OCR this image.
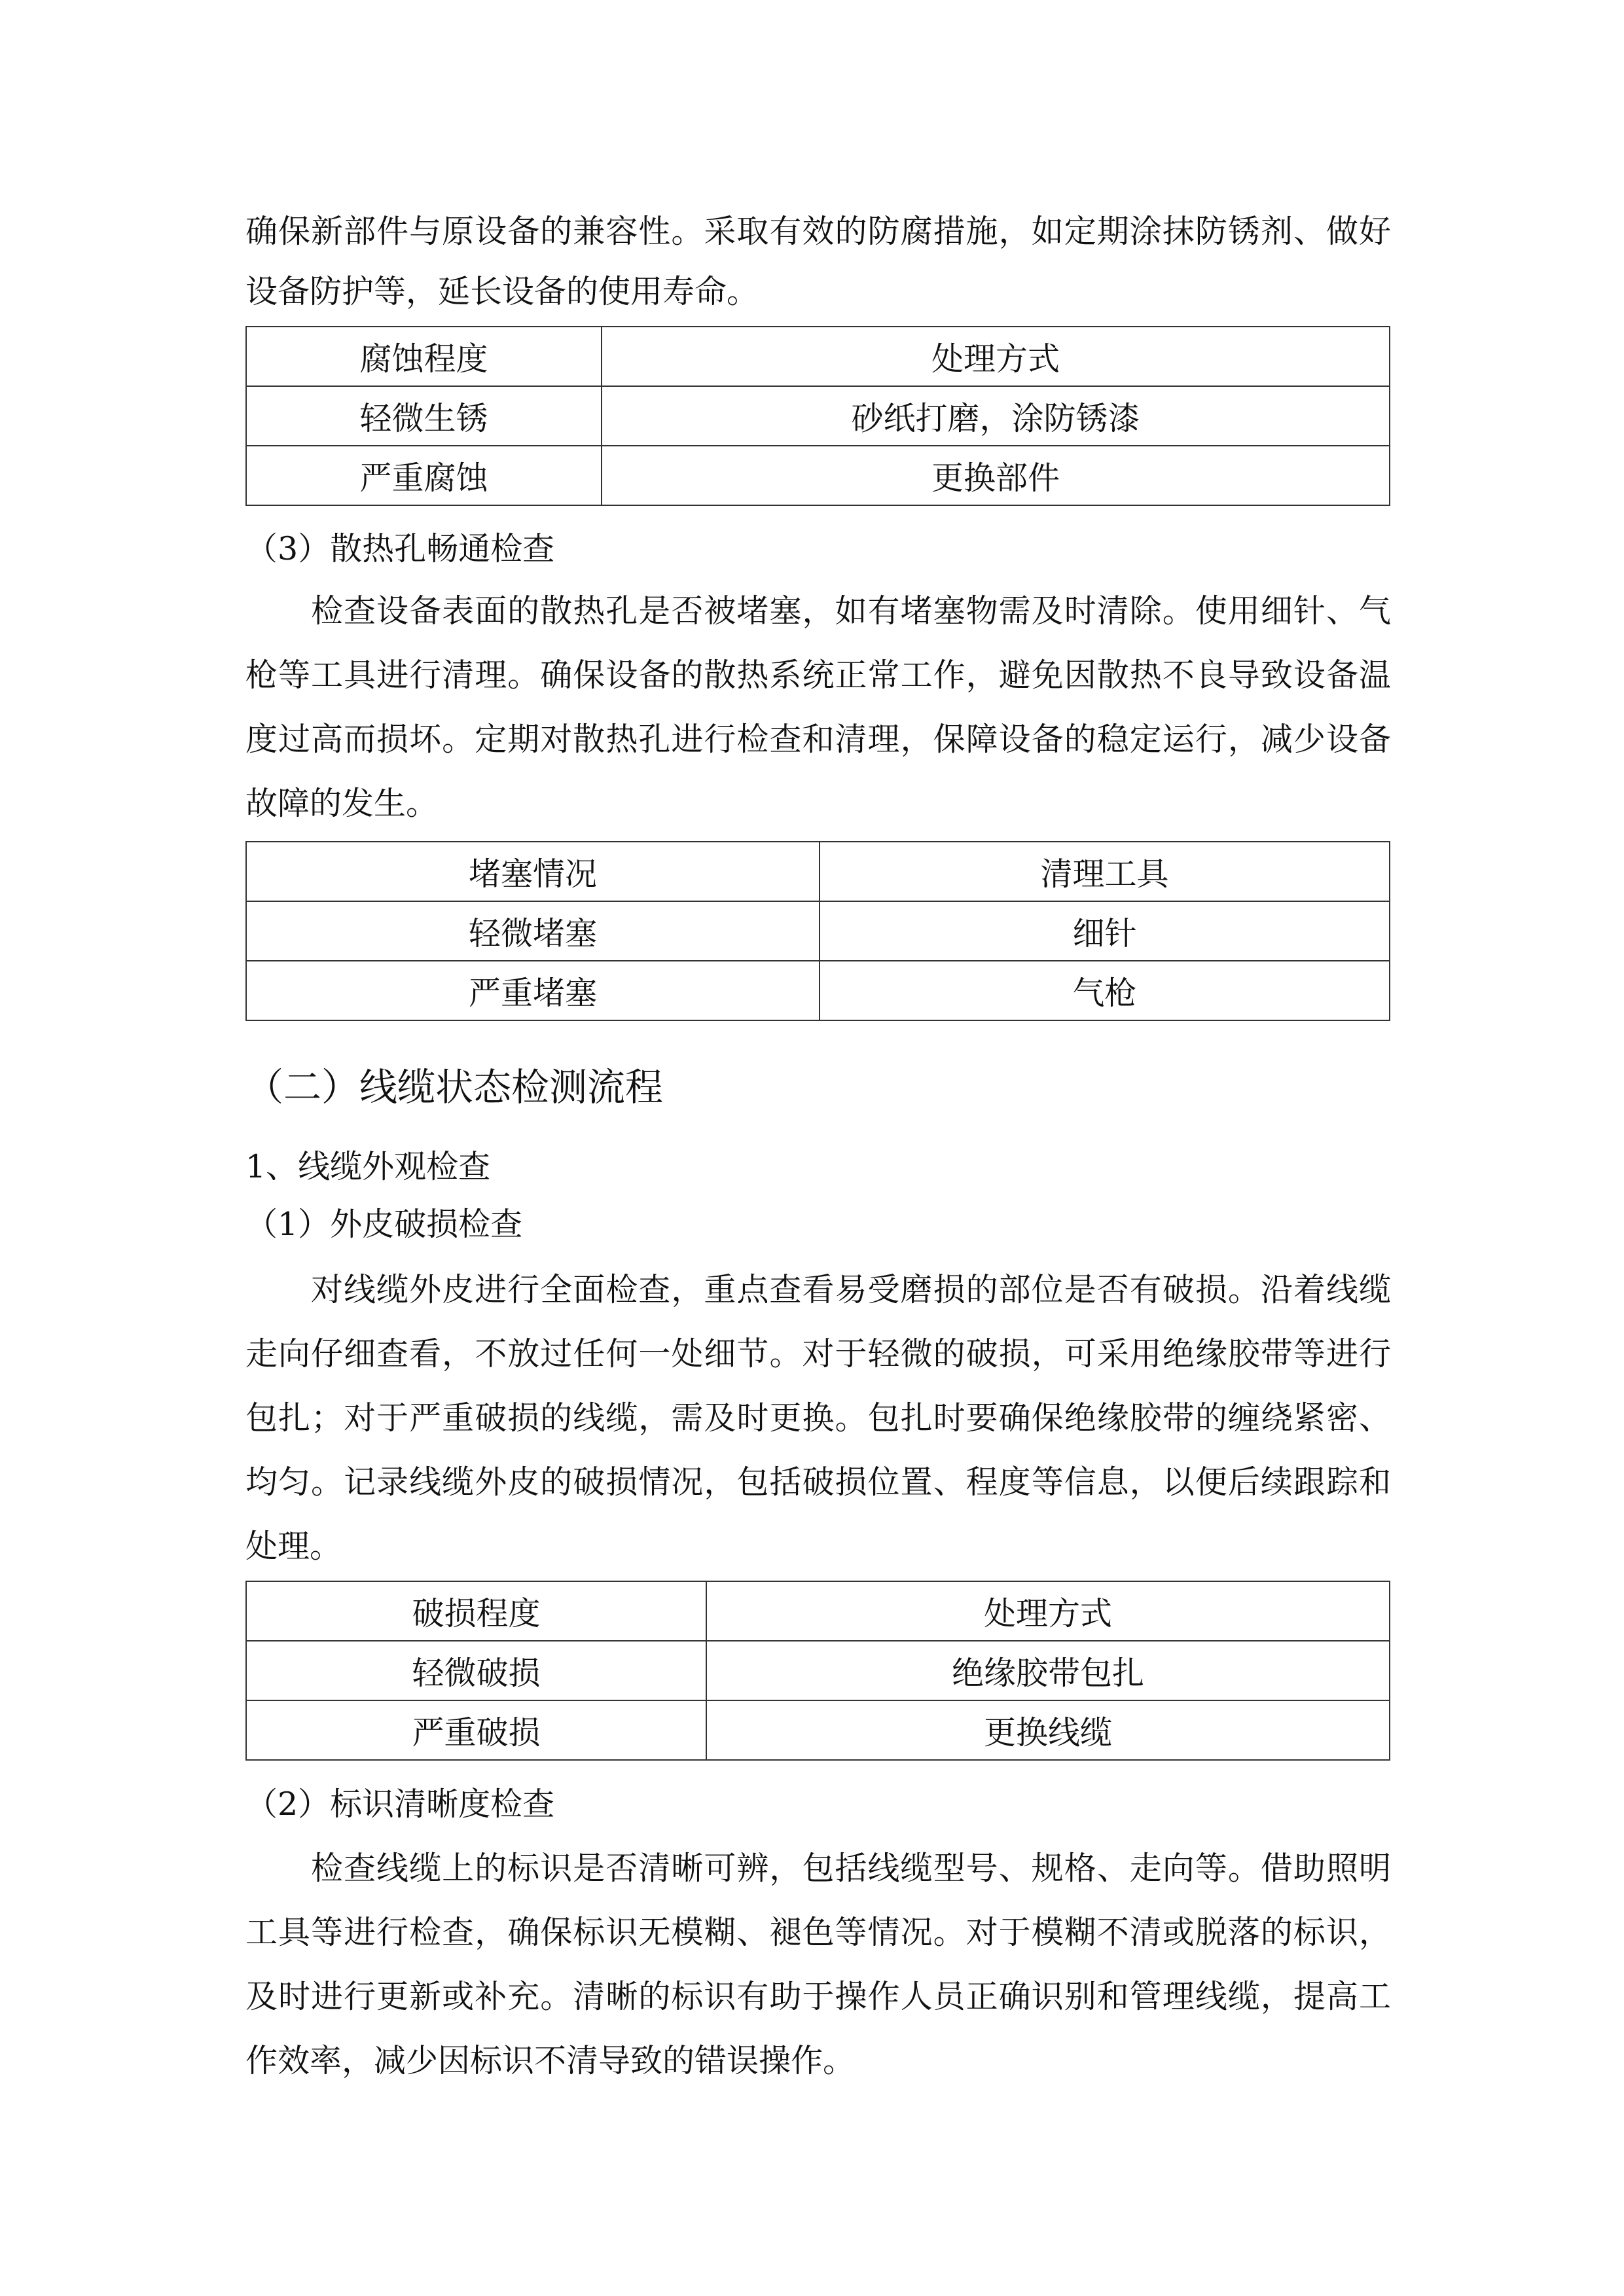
确保新部件与原设备的兼容性。采取有效的防腐措施，如定期涂抹防锈剂、做好设备防护等，延长设备的使用寿命。
腐蚀程度	处理方式
轻微生锈	砂纸打磨，涂防锈漆
严重腐蚀	更换部件
（3）散热孔畅通检查
检查设备表面的散热孔是否被堵塞，如有堵塞物需及时清除。使用细针、气枪等工具进行清理。确保设备的散热系统正常工作，避免因散热不良导致设备温度过高而损坏。定期对散热孔进行检查和清理，保障设备的稳定运行，减少设备故障的发生。
堵塞情况	清理工具
轻微堵塞	细针
严重堵塞	气枪
（二）线缆状态检测流程
1、线缆外观检查
（1）外皮破损检查
对线缆外皮进行全面检查，重点查看易受磨损的部位是否有破损。沿着线缆走向仔细查看，不放过任何一处细节。对于轻微的破损，可采用绝缘胶带等进行包扎；对于严重破损的线缆，需及时更换。包扎时要确保绝缘胶带的缠绕紧密、均匀。记录线缆外皮的破损情况，包括破损位置、程度等信息，以便后续跟踪和处理。
破损程度	处理方式
轻微破损	绝缘胶带包扎
严重破损	更换线缆
（2）标识清晰度检查
检查线缆上的标识是否清晰可辨，包括线缆型号、规格、走向等。借助照明工具等进行检查，确保标识无模糊、褪色等情况。对于模糊不清或脱落的标识，及时进行更新或补充。清晰的标识有助于操作人员正确识别和管理线缆，提高工作效率，减少因标识不清导致的错误操作。
